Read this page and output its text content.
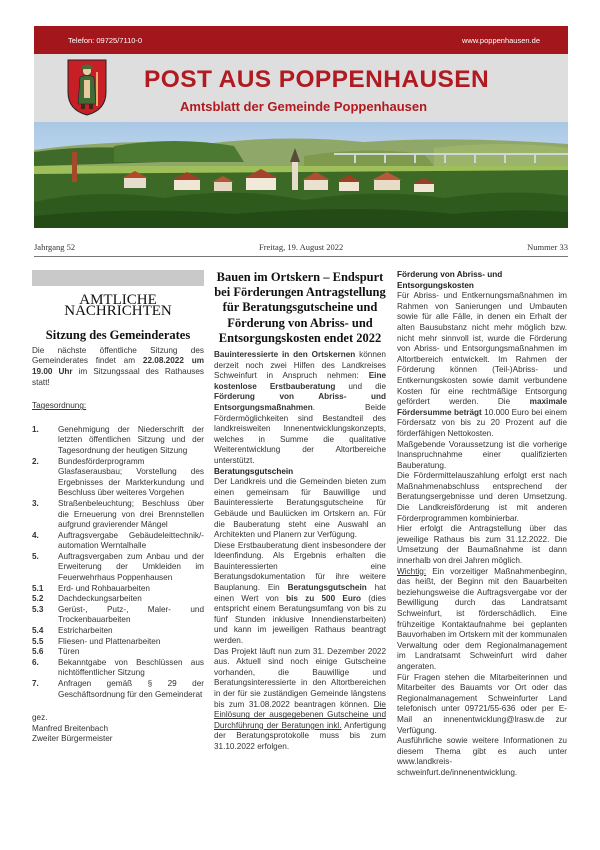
Telefon: 09725/7110-0	www.poppenhausen.de
POST AUS POPPENHAUSEN
Amtsblatt der Gemeinde Poppenhausen
Jahrgang 52	Freitag, 19. August 2022	Nummer 33
AMTLICHE NACHRICHTEN
Sitzung des Gemeinderates

Die nächste öffentliche Sitzung des Gemeinderates findet am 22.08.2022 um 19.00 Uhr im Sitzungssaal des Rathauses statt!

Tagesordnung:

1.	Genehmigung der Niederschrift der letzten öffentlichen Sitzung und der Tagesordnung der heutigen Sitzung
2.	Bundesförderprogramm Glasfaserausbau; Vorstellung des Ergebnisses der Markterkundung und Beschluss über weiteres Vorgehen
3.	Straßenbeleuchtung; Beschluss über die Erneuerung von drei Brennstellen aufgrund gravierender Mängel
4.	Auftragsvergabe Gebäudeleittechnik/-automation Werntalhalle
5.	Auftragsvergaben zum Anbau und der Erweiterung der Umkleiden im Feuerwehrhaus Poppenhausen
5.1	Erd- und Rohbauarbeiten
5.2	Dachdeckungsarbeiten
5.3	Gerüst-, Putz-, Maler- und Trockenbauarbeiten
5.4	Estricharbeiten
5.5	Fliesen- und Plattenarbeiten
5.6	Türen
6.	Bekanntgabe von Beschlüssen aus nichtöffentlicher Sitzung
7.	Anfragen gemäß § 29 der Geschäftsordnung für den Gemeinderat

gez.

Manfred Breitenbach

Zweiter Bürgermeister

Bauen im Ortskern – Endspurt bei Förderungen Antragstellung für Beratungsgutscheine und Förderung von Abriss- und Entsorgungskosten endet 2022

Bauinteressierte in den Ortskernen können derzeit noch zwei Hilfen des Landkreises Schweinfurt in Anspruch nehmen: Eine kostenlose Erstbauberatung und die Förderung von Abriss- und Entsorgungsmaßnahmen. Beide Fördermöglichkeiten sind Bestandteil des landkreisweiten Innenentwicklungskonzepts, welches in Summe die qualitative Weiterentwicklung der Altortbereiche unterstützt.

Beratungsgutschein

Der Landkreis und die Gemeinden bieten zum einen gemeinsam für Bauwillige und Bauinteressierte Beratungsgutscheine für Gebäude und Baulücken im Ortskern an. Für die Bauberatung steht eine Auswahl an Architekten und Planern zur Verfügung.

Diese Erstbauberatung dient insbesondere der Ideenfindung. Als Ergebnis erhalten die Bauinteressierten eine Beratungsdokumentation für ihre weitere Bauplanung. Ein Beratungsgutschein hat einen Wert von bis zu 500 Euro (dies entspricht einem Beratungsumfang von bis zu fünf Stunden inklusive Innendienstarbeiten) und kann im jeweiligen Rathaus beantragt werden.

Das Projekt läuft nun zum 31. Dezember 2022 aus. Aktuell sind noch einige Gutscheine vorhanden, die Bauwillige und Beratungsinteressierte in den Altortbereichen in der für sie zuständigen Gemeinde längstens bis zum 31.08.2022 beantragen können. Die Einlösung der ausgegebenen Gutscheine und Durchführung der Beratungen inkl. Anfertigung der Beratungsprotokolle muss bis zum 31.10.2022 erfolgen.

Förderung von Abriss- und Entsorgungskosten

Für Abriss- und Entkernungsmaßnahmen im Rahmen von Sanierungen und Umbauten sowie für alle Fälle, in denen ein Erhalt der alten Bausubstanz nicht mehr möglich bzw. nicht mehr sinnvoll ist, wurde die Förderung von Abriss- und Entsorgungsmaßnahmen im Altortbereich entwickelt. Im Rahmen der Förderung können (Teil-)Abriss- und Entkernungskosten sowie damit verbundene Kosten für eine rechtmäßige Entsorgung gefördert werden. Die maximale Fördersumme beträgt 10.000 Euro bei einem Fördersatz von bis zu 20 Prozent auf die förderfähigen Nettokosten.

Maßgebende Voraussetzung ist die vorherige Inanspruchnahme einer qualifizierten Bauberatung.

Die Fördermittelauszahlung erfolgt erst nach Maßnahmenabschluss entsprechend der Beratungsergebnisse und deren Umsetzung. Die Landkreisförderung ist mit anderen Förderprogrammen kombinierbar.

Hier erfolgt die Antragstellung über das jeweilige Rathaus bis zum 31.12.2022. Die Umsetzung der Baumaßnahme ist dann innerhalb von drei Jahren möglich.

Wichtig: Ein vorzeitiger Maßnahmenbeginn, das heißt, der Beginn mit den Bauarbeiten beziehungsweise die Auftragsvergabe vor der Bewilligung durch das Landratsamt Schweinfurt, ist förderschädlich. Eine frühzeitige Kontaktaufnahme bei geplanten Bauvorhaben im Ortskern mit der kommunalen Verwaltung oder dem Regionalmanagement im Landratsamt Schweinfurt wird daher angeraten.

Für Fragen stehen die Mitarbeiterinnen und Mitarbeiter des Bauamts vor Ort oder das Regionalmanagement Schweinfurter Land telefonisch unter 09721/55-636 oder per E-Mail an innenentwicklung@lrasw.de zur Verfügung.

Ausführliche sowie weitere Informationen zu diesem Thema gibt es auch unter www.landkreis-schweinfurt.de/innenentwicklung.
